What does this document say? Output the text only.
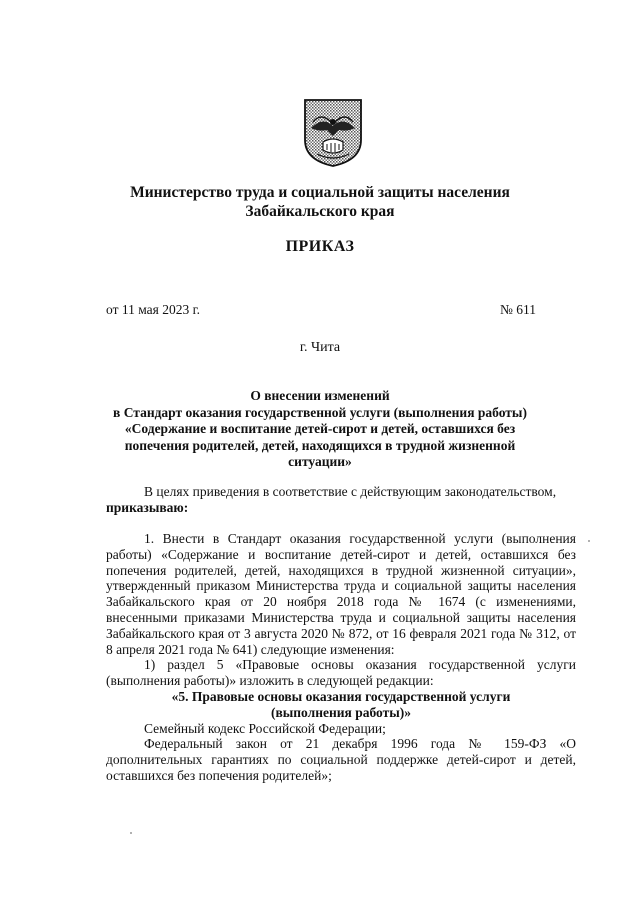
Министерство труда и социальной защиты населения
Забайкальского края
ПРИКАЗ
от 11 мая 2023 г.	№ 611
г. Чита
О внесении изменений
в Стандарт оказания государственной услуги (выполнения работы)
«Содержание и воспитание детей-сирот и детей, оставшихся без
попечения родителей, детей, находящихся в трудной жизненной
ситуации»

В целях приведения в соответствие с действующим законодательством,

приказываю:

1. Внести в Стандарт оказания государственной услуги (выполнения работы) «Содержание и воспитание детей-сирот и детей, оставшихся без попечения родителей, детей, находящихся в трудной жизненной ситуации», утвержденный приказом Министерства труда и социальной защиты населения Забайкальского края от 20 ноября 2018 года № 1674 (с изменениями, внесенными приказами Министерства труда и социальной защиты населения Забайкальского края от 3 августа 2020 № 872, от 16 февраля 2021 года № 312, от 8 апреля 2021 года № 641) следующие изменения:

1) раздел 5 «Правовые основы оказания государственной услуги (выполнения работы)» изложить в следующей редакции:

«5. Правовые основы оказания государственной услуги

(выполнения работы)»

Семейный кодекс Российской Федерации;

Федеральный закон от 21 декабря 1996 года № 159-ФЗ «О дополнительных гарантиях по социальной поддержке детей-сирот и детей, оставшихся без попечения родителей»;
